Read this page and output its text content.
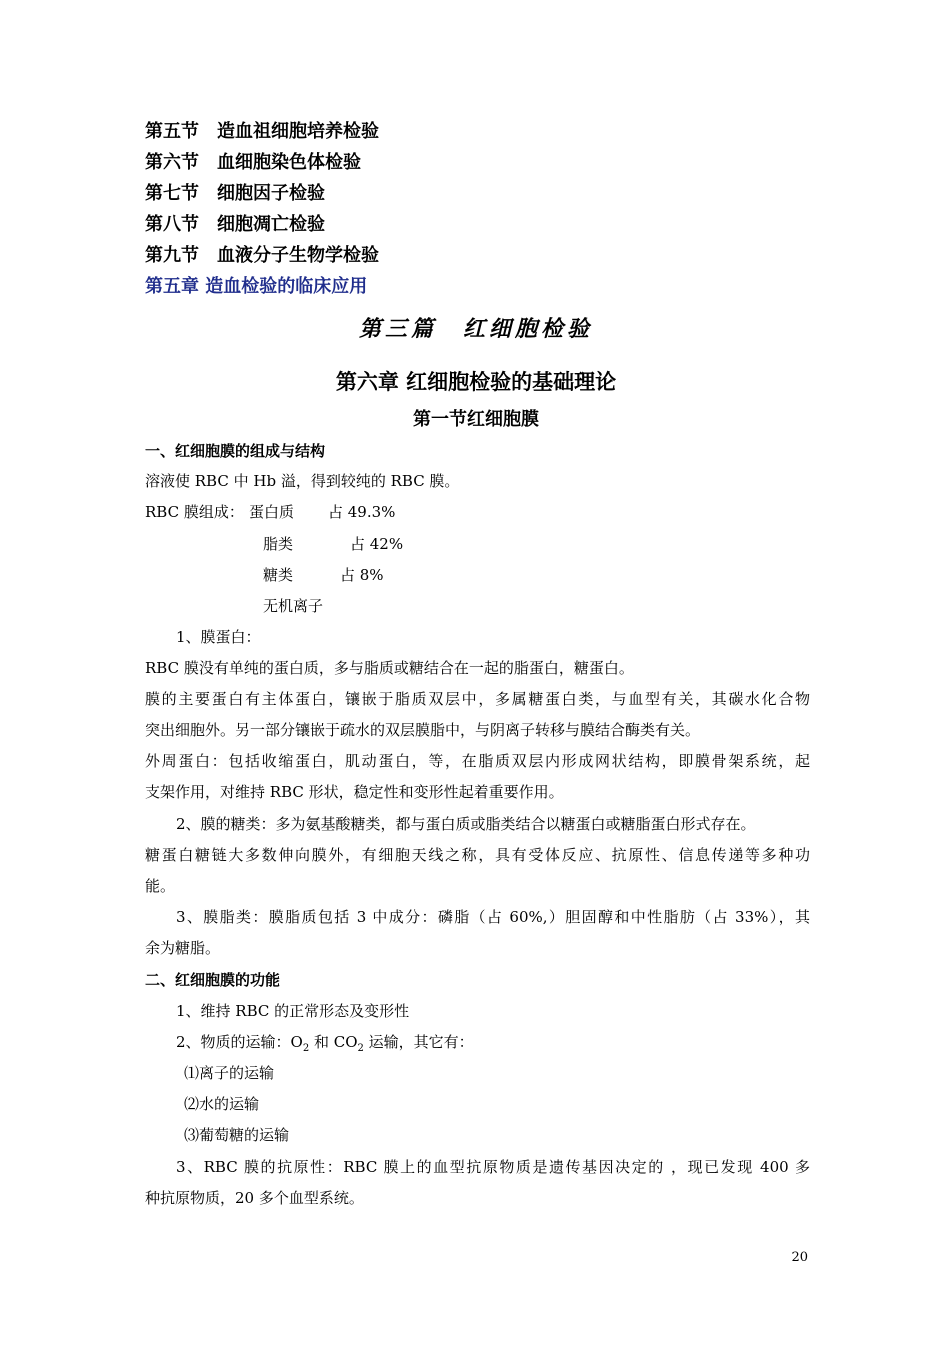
第五节　造血祖细胞培养检验
第六节　血细胞染色体检验
第七节　细胞因子检验
第八节　细胞凋亡检验
第九节　血液分子生物学检验
第五章 造血检验的临床应用
第三篇　红细胞检验
第六章 红细胞检验的基础理论
第一节红细胞膜
一、红细胞膜的组成与结构
溶液使 RBC 中 Hb 溢，得到较纯的 RBC 膜。
RBC 膜组成： 蛋白质 占 49.3%
脂类	占 42%
糖类	占 8%
无机离子
1、膜蛋白：
RBC 膜没有单纯的蛋白质，多与脂质或糖结合在一起的脂蛋白，糖蛋白。
膜的主要蛋白有主体蛋白，镶嵌于脂质双层中，多属糖蛋白类，与血型有关，其碳水化合物
突出细胞外。另一部分镶嵌于疏水的双层膜脂中，与阴离子转移与膜结合酶类有关。
外周蛋白：包括收缩蛋白，肌动蛋白，等，在脂质双层内形成网状结构，即膜骨架系统，起
支架作用，对维持 RBC 形状，稳定性和变形性起着重要作用。
2、膜的糖类：多为氨基酸糖类，都与蛋白质或脂类结合以糖蛋白或糖脂蛋白形式存在。
糖蛋白糖链大多数伸向膜外，有细胞天线之称，具有受体反应、抗原性、信息传递等多种功
能。
3、膜脂类：膜脂质包括 3 中成分：磷脂（占 60%,）胆固醇和中性脂肪（占 33%），其
余为糖脂。
二、红细胞膜的功能
1、维持 RBC 的正常形态及变形性
2、物质的运输：$O_2$ 和 $CO_2$ 运输，其它有：
⑴离子的运输
⑵水的运输
⑶葡萄糖的运输
3、RBC 膜的抗原性：RBC 膜上的血型抗原物质是遗传基因决定的 ，现已发现 400 多
种抗原物质，20 多个血型系统。
20
